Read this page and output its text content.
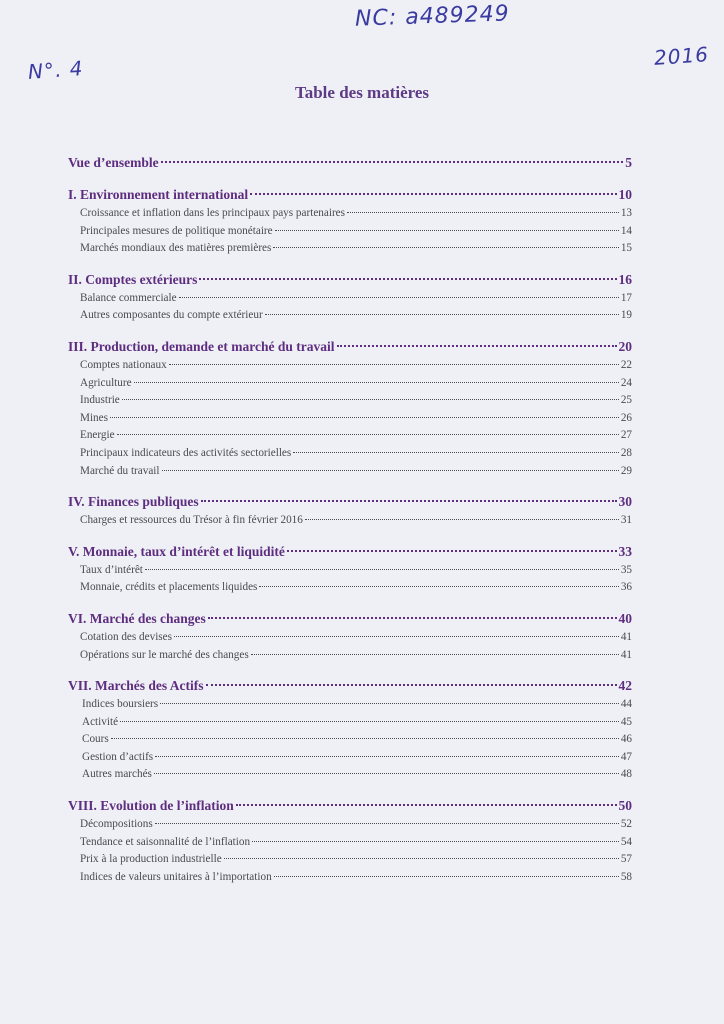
NC: a489249
N°. 4
2016
Table des matières
Vue d’ensemble	5
I. Environnement international	10
Croissance et inflation dans les principaux pays partenaires	13
Principales mesures de politique monétaire	14
Marchés mondiaux des matières premières	15
II. Comptes extérieurs	16
Balance commerciale	17
Autres composantes du compte extérieur	19
III. Production, demande et marché du travail	20
Comptes nationaux	22
Agriculture	24
Industrie	25
Mines	26
Energie	27
Principaux indicateurs des activités sectorielles	28
Marché du travail	29
IV. Finances publiques	30
Charges et ressources du Trésor à fin février 2016	31
V. Monnaie, taux d’intérêt et liquidité	33
Taux d’intérêt	35
Monnaie, crédits et placements liquides	36
VI. Marché des changes	40
Cotation des devises	41
Opérations sur le marché des changes	41
VII. Marchés des Actifs	42
Indices boursiers	44
Activité	45
Cours	46
Gestion d’actifs	47
Autres marchés	48
VIII. Evolution de l’inflation	50
Décompositions	52
Tendance et saisonnalité de l’inflation	54
Prix à la production industrielle	57
Indices de valeurs unitaires à l’importation	58
